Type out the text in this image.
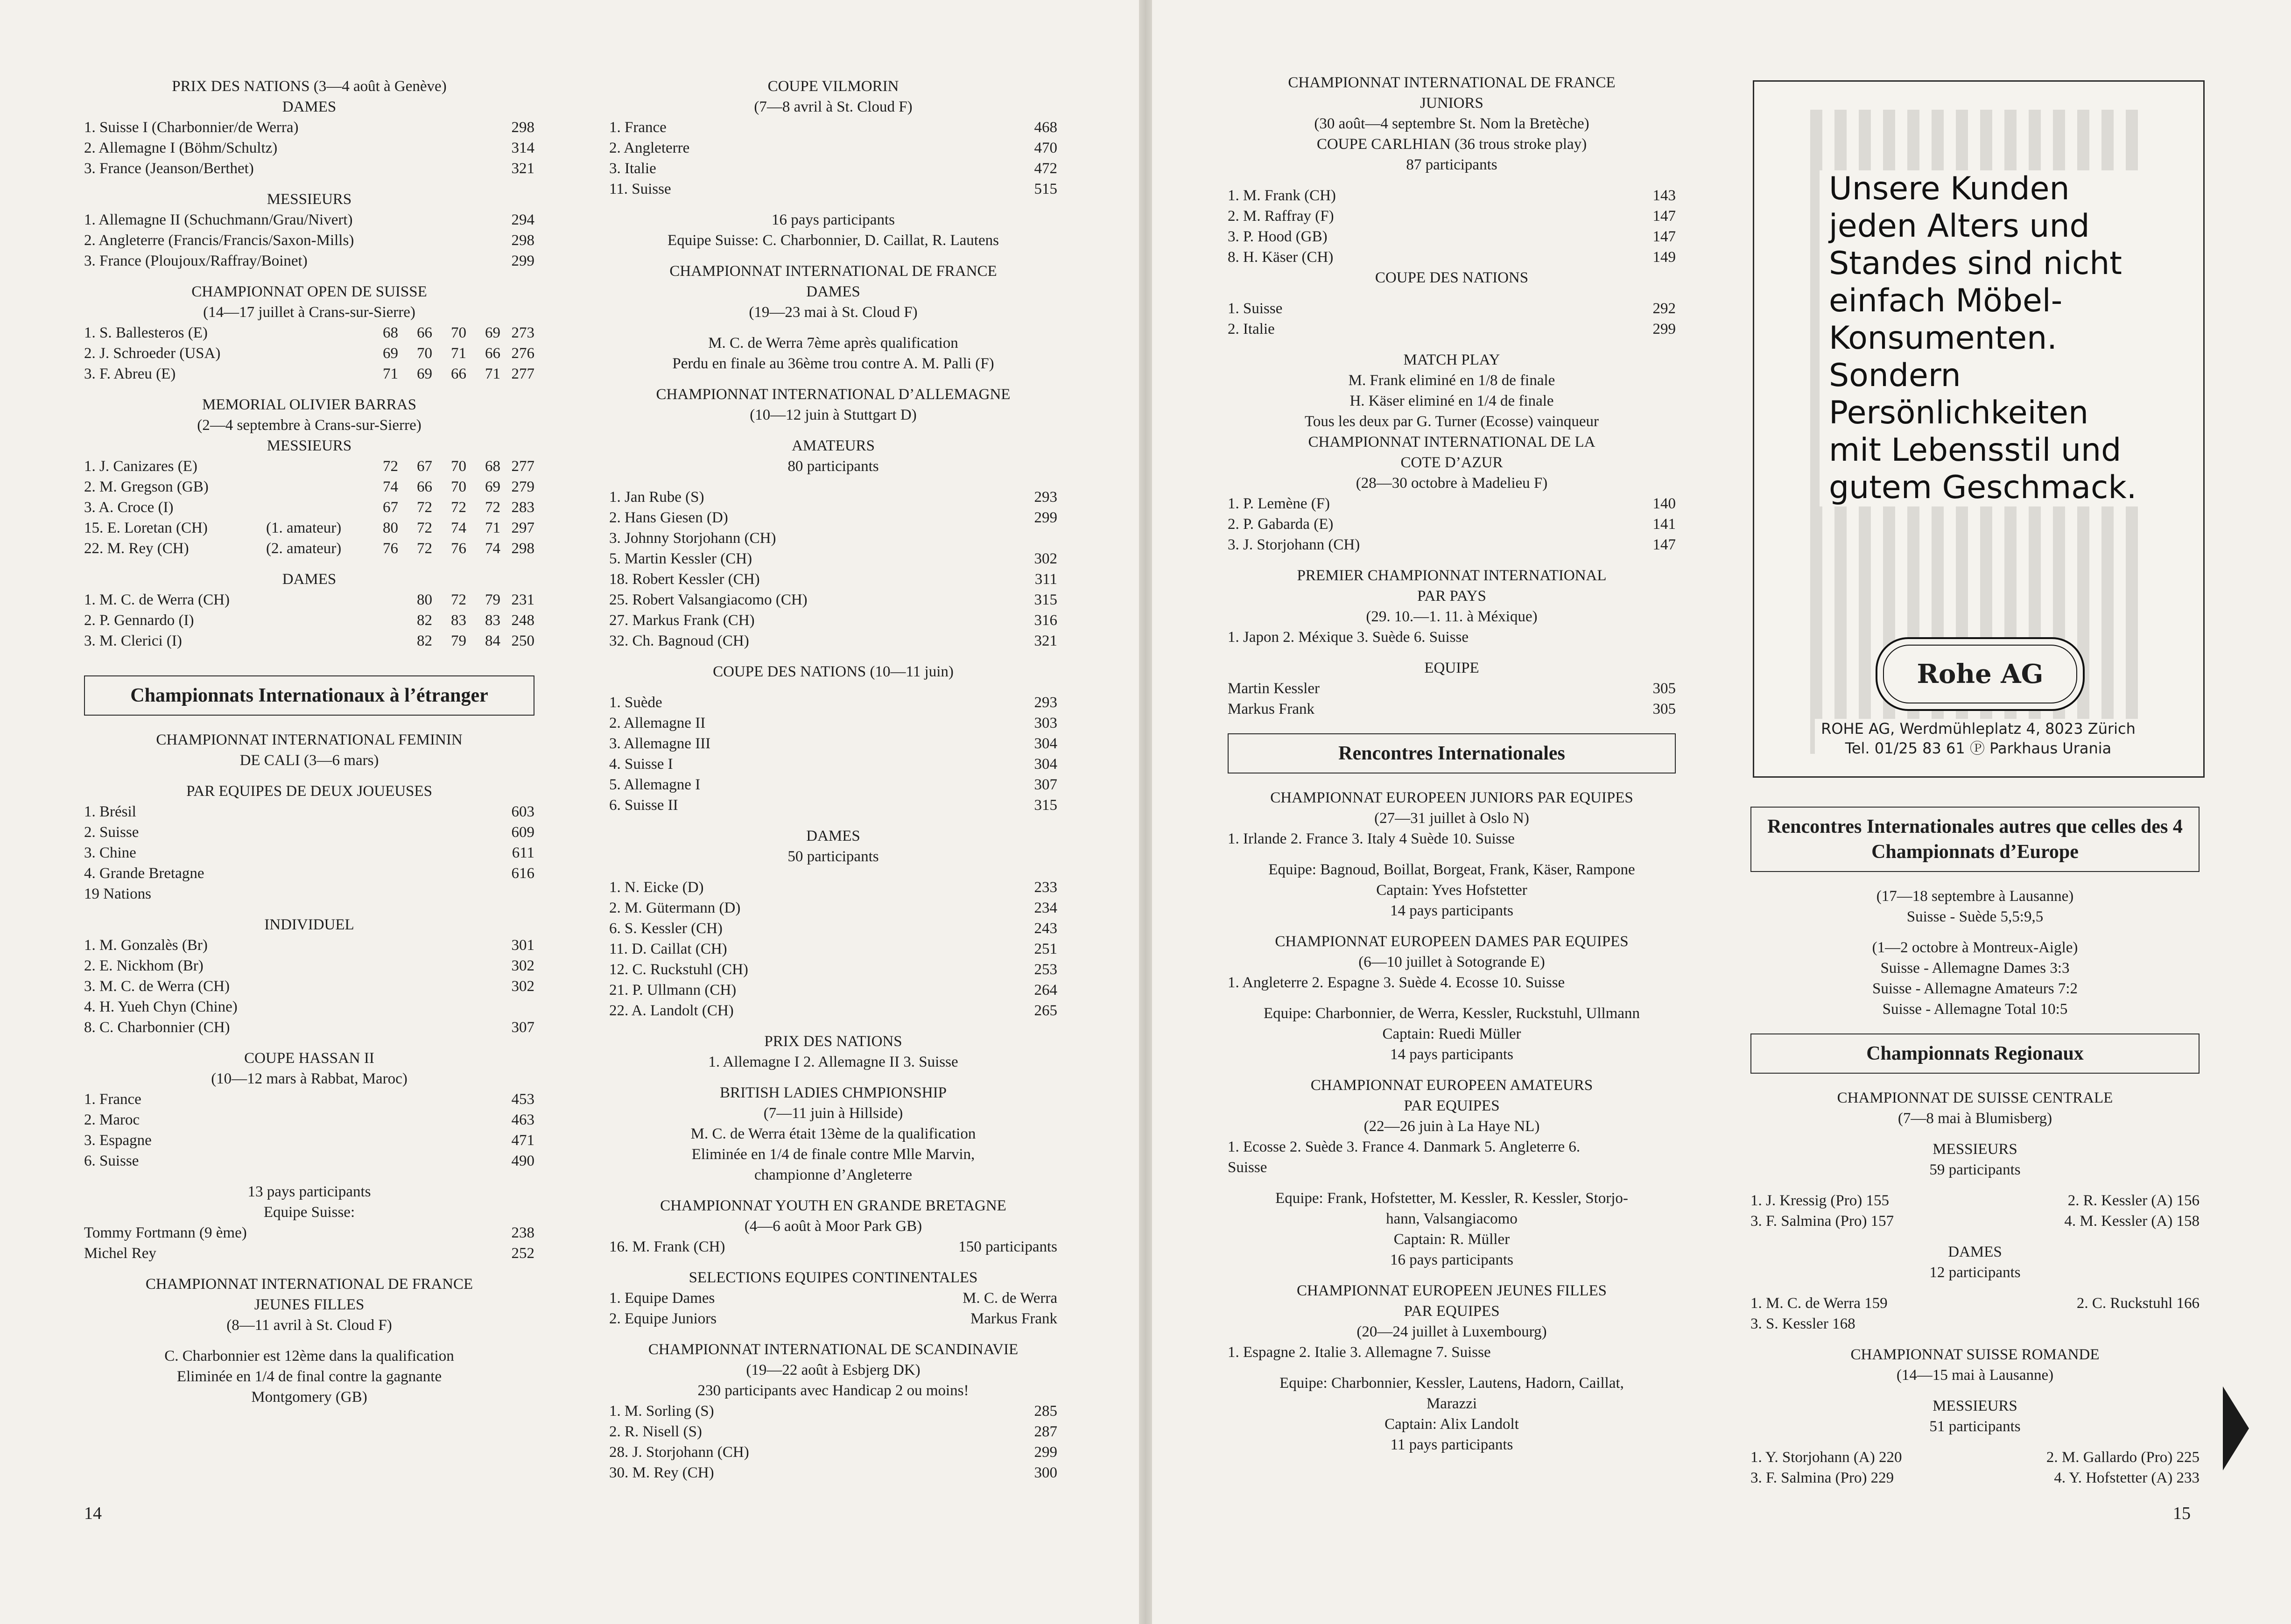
PRIX DES NATIONS (3—4 août à Genève)
DAMES
1. Suisse I (Charbonnier/de Werra)	298
2. Allemagne I (Böhm/Schultz)	314
3. France (Jeanson/Berthet)	321
MESSIEURS
1. Allemagne II (Schuchmann/Grau/Nivert)	294
2. Angleterre (Francis/Francis/Saxon-Mills)	298
3. France (Ploujoux/Raffray/Boinet)	299
CHAMPIONNAT OPEN DE SUISSE
(14—17 juillet à Crans-sur-Sierre)
1. S. Ballesteros (E)	68	66	70	69 273
2. J. Schroeder (USA)	69	70	71	66 276
3. F. Abreu (E)	71	69	66	71 277
MEMORIAL OLIVIER BARRAS
(2—4 septembre à Crans-sur-Sierre)
MESSIEURS
1. J. Canizares (E)	72	67	70	68 277
2. M. Gregson (GB)	74	66	70	69 279
3. A. Croce (I)	67	72	72	72 283
15. E. Loretan (CH)	(1. amateur)	80	72	74	71 297
22. M. Rey (CH)	(2. amateur)	76	72	76	74 298
DAMES
1. M. C. de Werra (CH)	80	72	79 231
2. P. Gennardo (I)	82	83	83 248
3. M. Clerici (I)	82	79	84 250
Championnats Internationaux à l’étranger
CHAMPIONNAT INTERNATIONAL FEMININ
DE CALI (3—6 mars)
PAR EQUIPES DE DEUX JOUEUSES
1. Brésil	603
2. Suisse	609
3. Chine	611
4. Grande Bretagne	616
19 Nations
INDIVIDUEL
1. M. Gonzalès (Br)	301
2. E. Nickhom (Br)	302
3. M. C. de Werra (CH)	302
4. H. Yueh Chyn (Chine)
8. C. Charbonnier (CH)	307
COUPE HASSAN II
(10—12 mars à Rabbat, Maroc)
1. France	453
2. Maroc	463
3. Espagne	471
6. Suisse	490
13 pays participants
Equipe Suisse:
Tommy Fortmann (9 ème)	238
Michel Rey	252
CHAMPIONNAT INTERNATIONAL DE FRANCE
JEUNES FILLES
(8—11 avril à St. Cloud F)
C. Charbonnier est 12ème dans la qualification
Eliminée en 1/4 de final contre la gagnante
Montgomery (GB)
COUPE VILMORIN
(7—8 avril à St. Cloud F)
1. France	468
2. Angleterre	470
3. Italie	472
11. Suisse	515
16 pays participants
Equipe Suisse: C. Charbonnier, D. Caillat, R. Lautens
CHAMPIONNAT INTERNATIONAL DE FRANCE
DAMES
(19—23 mai à St. Cloud F)
M. C. de Werra 7ème après qualification
Perdu en finale au 36ème trou contre A. M. Palli (F)
CHAMPIONNAT INTERNATIONAL D’ALLEMAGNE
(10—12 juin à Stuttgart D)
AMATEURS
80 participants
1. Jan Rube (S)	293
2. Hans Giesen (D)	299
3. Johnny Storjohann (CH)
5. Martin Kessler (CH)	302
18. Robert Kessler (CH)	311
25. Robert Valsangiacomo (CH)	315
27. Markus Frank (CH)	316
32. Ch. Bagnoud (CH)	321
COUPE DES NATIONS (10—11 juin)
1. Suède	293
2. Allemagne II	303
3. Allemagne III	304
4. Suisse I	304
5. Allemagne I	307
6. Suisse II	315
DAMES
50 participants
1. N. Eicke (D)	233
2. M. Gütermann (D)	234
6. S. Kessler (CH)	243
11. D. Caillat (CH)	251
12. C. Ruckstuhl (CH)	253
21. P. Ullmann (CH)	264
22. A. Landolt (CH)	265
PRIX DES NATIONS
1. Allemagne I 2. Allemagne II 3. Suisse
BRITISH LADIES CHMPIONSHIP
(7—11 juin à Hillside)
M. C. de Werra était 13ème de la qualification
Eliminée en 1/4 de finale contre Mlle Marvin,
championne d’Angleterre
CHAMPIONNAT YOUTH EN GRANDE BRETAGNE
(4—6 août à Moor Park GB)
16. M. Frank (CH)	150 participants
SELECTIONS EQUIPES CONTINENTALES
1. Equipe Dames	M. C. de Werra
2. Equipe Juniors	Markus Frank
CHAMPIONNAT INTERNATIONAL DE SCANDINAVIE
(19—22 août à Esbjerg DK)
230 participants avec Handicap 2 ou moins!
1. M. Sorling (S)	285
2. R. Nisell (S)	287
28. J. Storjohann (CH)	299
30. M. Rey (CH)	300
CHAMPIONNAT INTERNATIONAL DE FRANCE
JUNIORS
(30 août—4 septembre St. Nom la Bretèche)
COUPE CARLHIAN (36 trous stroke play)
87 participants
1. M. Frank (CH)	143
2. M. Raffray (F)	147
3. P. Hood (GB)	147
8. H. Käser (CH)	149
COUPE DES NATIONS
1. Suisse	292
2. Italie	299
MATCH PLAY
M. Frank eliminé en 1/8 de finale
H. Käser eliminé en 1/4 de finale
Tous les deux par G. Turner (Ecosse) vainqueur
CHAMPIONNAT INTERNATIONAL DE LA
COTE D’AZUR
(28—30 octobre à Madelieu F)
1. P. Lemène (F)	140
2. P. Gabarda (E)	141
3. J. Storjohann (CH)	147
PREMIER CHAMPIONNAT INTERNATIONAL
PAR PAYS
(29. 10.—1. 11. à Méxique)
1. Japon 2. Méxique 3. Suède 6. Suisse
EQUIPE
Martin Kessler	305
Markus Frank	305
Rencontres Internationales
CHAMPIONNAT EUROPEEN JUNIORS PAR EQUIPES
(27—31 juillet à Oslo N)
1. Irlande 2. France 3. Italy 4 Suède 10. Suisse
Equipe: Bagnoud, Boillat, Borgeat, Frank, Käser, Rampone
Captain: Yves Hofstetter
14 pays participants
CHAMPIONNAT EUROPEEN DAMES PAR EQUIPES
(6—10 juillet à Sotogrande E)
1. Angleterre 2. Espagne 3. Suède 4. Ecosse 10. Suisse
Equipe: Charbonnier, de Werra, Kessler, Ruckstuhl, Ullmann
Captain: Ruedi Müller
14 pays participants
CHAMPIONNAT EUROPEEN AMATEURS
PAR EQUIPES
(22—26 juin à La Haye NL)
1. Ecosse 2. Suède 3. France 4. Danmark 5. Angleterre 6.
Suisse
Equipe: Frank, Hofstetter, M. Kessler, R. Kessler, Storjo-
hann, Valsangiacomo
Captain: R. Müller
16 pays participants
CHAMPIONNAT EUROPEEN JEUNES FILLES
PAR EQUIPES
(20—24 juillet à Luxembourg)
1. Espagne 2. Italie 3. Allemagne 7. Suisse
Equipe: Charbonnier, Kessler, Lautens, Hadorn, Caillat,
Marazzi
Captain: Alix Landolt
11 pays participants
Rencontres Internationales autres que celles des 4 Championnats d’Europe
(17—18 septembre à Lausanne)
Suisse - Suède 5,5:9,5
(1—2 octobre à Montreux-Aigle)
Suisse - Allemagne Dames 3:3
Suisse - Allemagne Amateurs 7:2
Suisse - Allemagne Total 10:5
Championnats Regionaux
CHAMPIONNAT DE SUISSE CENTRALE
(7—8 mai à Blumisberg)
MESSIEURS
59 participants
1. J. Kressig (Pro) 155	2. R. Kessler (A) 156
3. F. Salmina (Pro) 157	4. M. Kessler (A) 158
DAMES
12 participants
1. M. C. de Werra 159	2. C. Ruckstuhl 166
3. S. Kessler 168
CHAMPIONNAT SUISSE ROMANDE
(14—15 mai à Lausanne)
MESSIEURS
51 participants
1. Y. Storjohann (A) 220	2. M. Gallardo (Pro) 225
3. F. Salmina (Pro) 229	4. Y. Hofstetter (A) 233
Unsere Kunden
jeden Alters und
Standes sind nicht
einfach Möbel-
Konsumenten.
Sondern
Persönlichkeiten
mit Lebensstil und
gutem Geschmack.
Rohe AG
ROHE AG, Werdmühleplatz 4, 8023 Zürich
Tel. 01/25 83 61 Ⓟ Parkhaus Urania
14	15
